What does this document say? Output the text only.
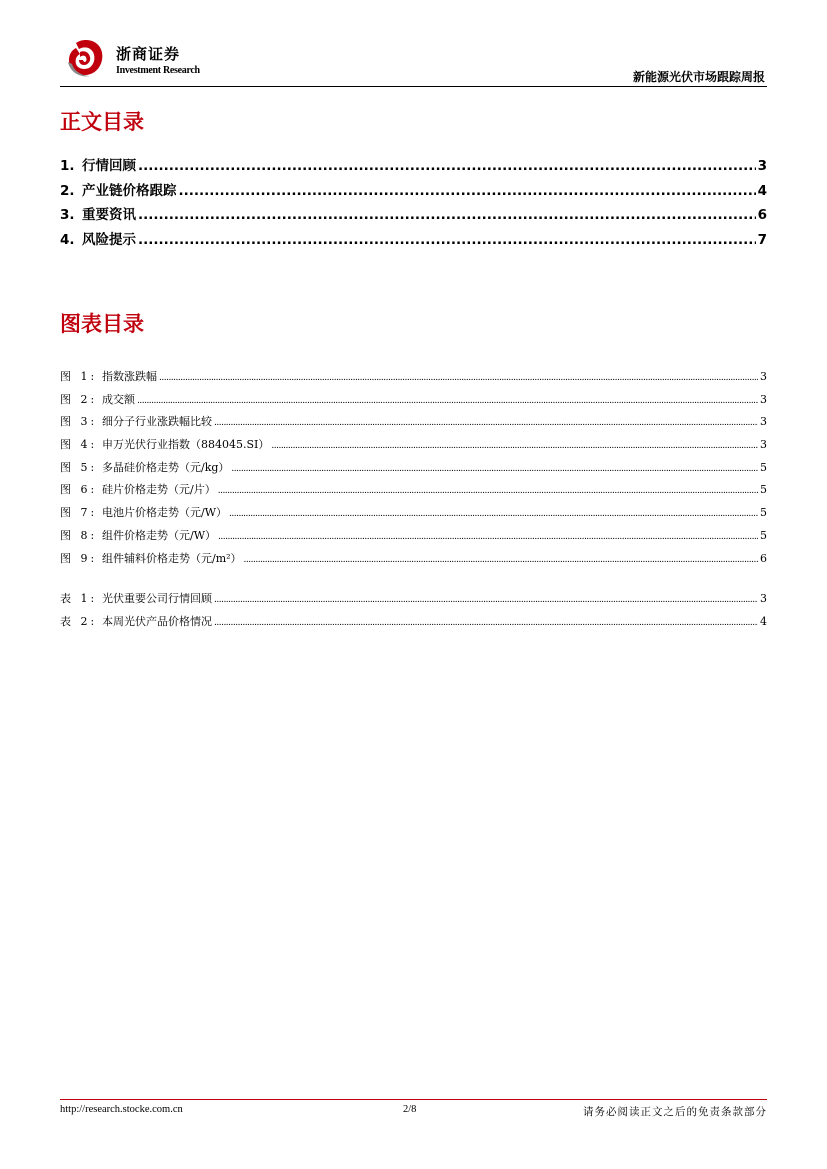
浙商证券
Investment Research	新能源光伏市场跟踪周报
正文目录
1. 行情回顾 .....	3
2. 产业链价格跟踪 .....	4
3. 重要资讯 .....	6
4. 风险提示 .....	7
图表目录
图 1: 指数涨跌幅 .....	3
图 2: 成交额 .....	3
图 3: 细分子行业涨跌幅比较 .....	3
图 4: 申万光伏行业指数（884045.SI） .....	3
图 5: 多晶硅价格走势（元/kg） .....	5
图 6: 硅片价格走势（元/片） .....	5
图 7: 电池片价格走势（元/W） .....	5
图 8: 组件价格走势（元/W） .....	5
图 9: 组件辅料价格走势（元/m²） .....	6
表 1: 光伏重要公司行情回顾 .....	3
表 2: 本周光伏产品价格情况 .....	4
http://research.stocke.com.cn	2/8	请务必阅读正文之后的免责条款部分
